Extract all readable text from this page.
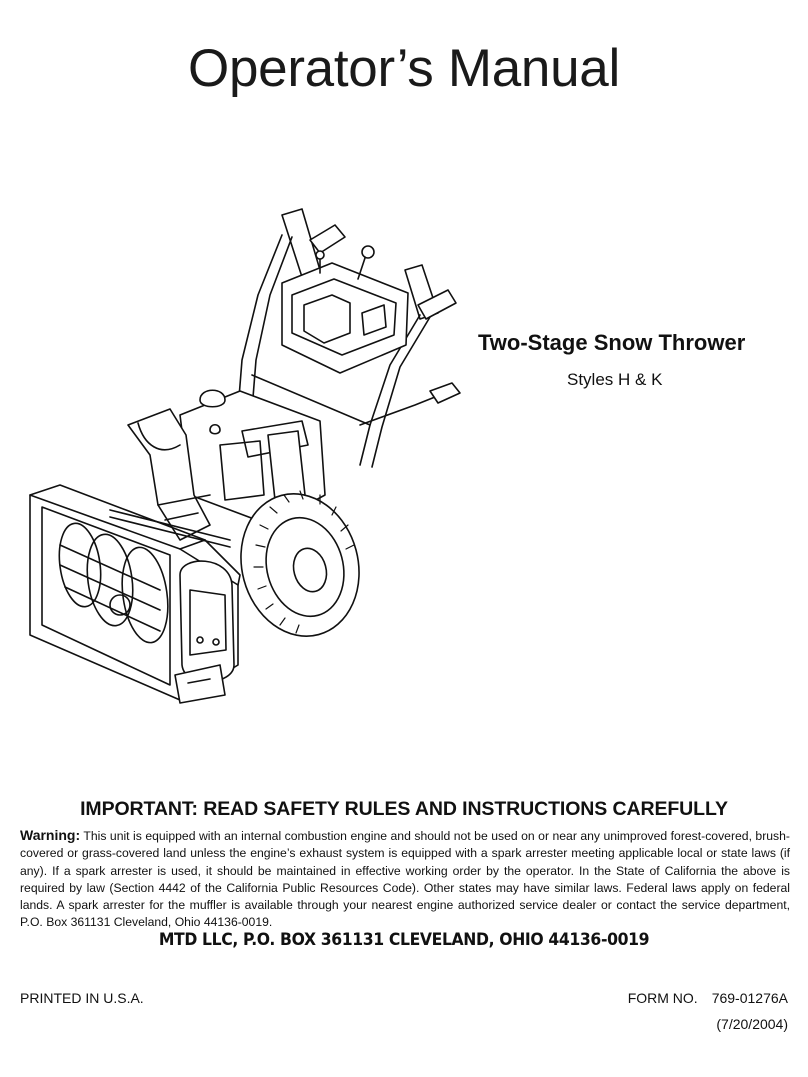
Operator’s Manual
Two-Stage Snow Thrower
Styles H & K
IMPORTANT: READ SAFETY RULES AND INSTRUCTIONS CAREFULLY
Warning: This unit is equipped with an internal combustion engine and should not be used on or near any unimproved forest-covered, brush-covered or grass-covered land unless the engine’s exhaust system is equipped with a spark arrester meeting applicable local or state laws (if any). If a spark arrester is used, it should be maintained in effective working order by the operator. In the State of California the above is required by law (Section 4442 of the California Public Resources Code). Other states may have similar laws. Federal laws apply on federal lands. A spark arrester for the muffler is available through your nearest engine authorized service dealer or contact the service department, P.O. Box 361131 Cleveland, Ohio 44136-0019.
MTD LLC, P.O. BOX 361131 CLEVELAND, OHIO 44136-0019
PRINTED IN U.S.A.	FORM NO. 769-01276A
(7/20/2004)
